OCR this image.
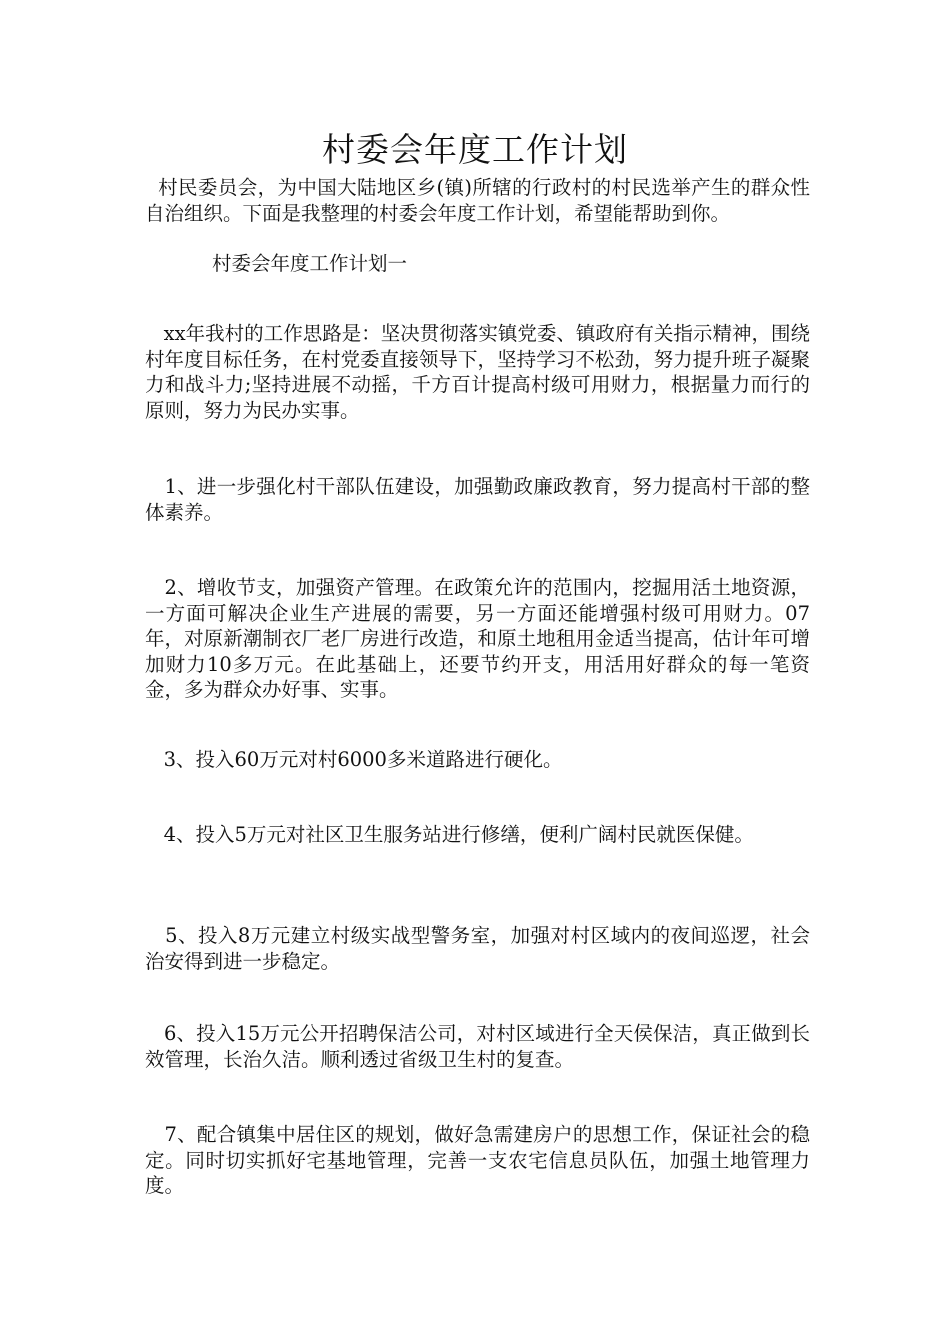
村委会年度工作计划

村民委员会，为中国大陆地区乡(镇)所辖的行政村的村民选举产生的群众性自治组织。下面是我整理的村委会年度工作计划，希望能帮助到你。

村委会年度工作计划一

xx年我村的工作思路是：坚决贯彻落实镇党委、镇政府有关指示精神，围绕村年度目标任务，在村党委直接领导下，坚持学习不松劲，努力提升班子凝聚力和战斗力;坚持进展不动摇，千方百计提高村级可用财力，根据量力而行的原则，努力为民办实事。

1、进一步强化村干部队伍建设，加强勤政廉政教育，努力提高村干部的整体素养。

2、增收节支，加强资产管理。在政策允许的范围内，挖掘用活土地资源，一方面可解决企业生产进展的需要，另一方面还能增强村级可用财力。07年，对原新潮制衣厂老厂房进行改造，和原土地租用金适当提高，估计年可增加财力10多万元。在此基础上，还要节约开支，用活用好群众的每一笔资金，多为群众办好事、实事。

3、投入60万元对村6000多米道路进行硬化。

4、投入5万元对社区卫生服务站进行修缮，便利广阔村民就医保健。

5、投入8万元建立村级实战型警务室，加强对村区域内的夜间巡逻，社会治安得到进一步稳定。

6、投入15万元公开招聘保洁公司，对村区域进行全天侯保洁，真正做到长效管理，长治久洁。顺利透过省级卫生村的复查。

7、配合镇集中居住区的规划，做好急需建房户的思想工作，保证社会的稳定。同时切实抓好宅基地管理，完善一支农宅信息员队伍，加强土地管理力度。
